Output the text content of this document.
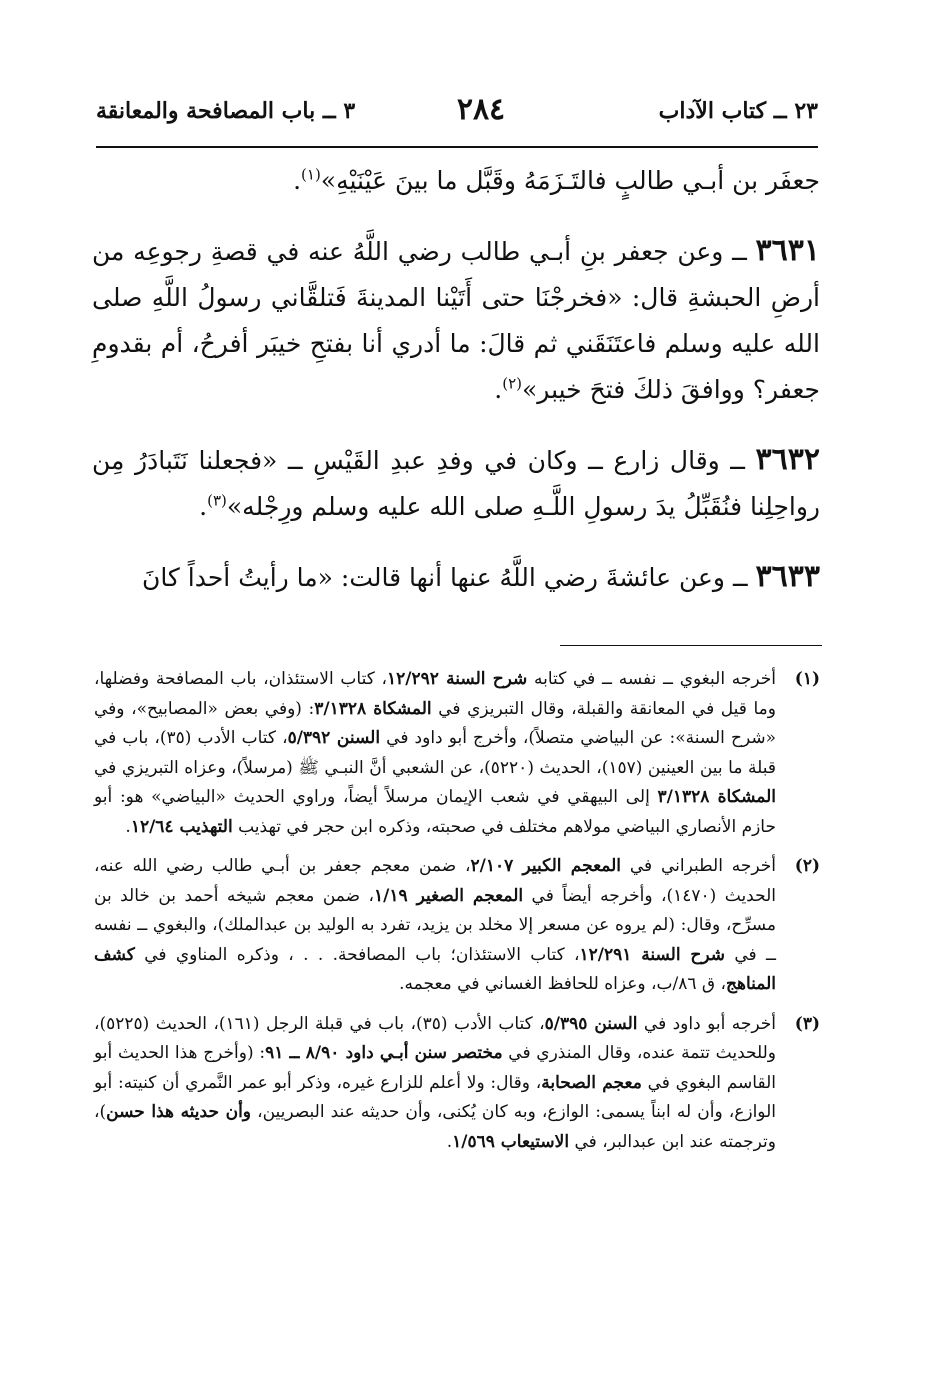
٢٣ ــ كتاب الآداب
٢٨٤
٣ ــ باب المصافحة والمعانقة

جعفَر بن أبـي طالبٍ فالتَـزَمَهُ وقَبَّل ما بينَ عَيْنَيْهِ»$^{(١)}$.

٣٦٣١ ــ وعن جعفر بنِ أبـي طالب رضي اللَّهُ عنه في قصةِ رجوعِه من أرضِ الحبشةِ قال: «فخرجْنَا حتى أَتَيْنا المدينةَ فَتلقَّاني رسولُ اللَّهِ صلى الله عليه وسلم فاعتَنَقَني ثم قالَ: ما أدري أنا بفتحِ خيبَر أفرحُ، أم بقدومِ جعفر؟ ووافقَ ذلكَ فتحَ خيبر»$^{(٢)}$.

٣٦٣٢ ــ وقال زارع ــ وكان في وفدِ عبدِ القَيْسِ ــ «فجعلنا نَتَبادَرُ مِن رواحِلِنا فنُقَبِّلُ يدَ رسولِ اللَّـهِ صلى الله عليه وسلم ورِجْله»$^{(٣)}$.

٣٦٣٣ ــ وعن عائشةَ رضي اللَّهُ عنها أنها قالت: «ما رأيتُ أحداً كانَ

(١)
أخرجه البغوي ــ نفسه ــ في كتابه شرح السنة ١٢/٢٩٢، كتاب الاستئذان، باب المصافحة وفضلها، وما قيل في المعانقة والقبلة، وقال التبريزي في المشكاة ٣/١٣٢٨: (وفي بعض «المصابيح»، وفي «شرح السنة»: عن البياضي متصلاً)، وأخرج أبو داود في السنن ٥/٣٩٢، كتاب الأدب (٣٥)، باب في قبلة ما بين العينين (١٥٧)، الحديث (٥٢٢٠)، عن الشعبي أنَّ النبـي ﷺ (مرسلاً)، وعزاه التبريزي في المشكاة ٣/١٣٢٨ إلى البيهقي في شعب الإيمان مرسلاً أيضاً، وراوي الحديث «البياضي» هو: أبو حازم الأنصاري البياضي مولاهم مختلف في صحبته، وذكره ابن حجر في تهذيب التهذيب ١٢/٦٤.
(٢)
أخرجه الطبراني في المعجم الكبير ٢/١٠٧، ضمن معجم جعفر بن أبـي طالب رضي الله عنه، الحديث (١٤٧٠)، وأخرجه أيضاً في المعجم الصغير ١/١٩، ضمن معجم شيخه أحمد بن خالد بن مسرِّح، وقال: (لم يروه عن مسعر إلا مخلد بن يزيد، تفرد به الوليد بن عبدالملك)، والبغوي ــ نفسه ــ في شرح السنة ١٢/٢٩١، كتاب الاستئذان؛ باب المصافحة. . . ، وذكره المناوي في كشف المناهج، ق ٨٦/ب، وعزاه للحافظ الغساني في معجمه.
(٣)
أخرجه أبو داود في السنن ٥/٣٩٥، كتاب الأدب (٣٥)، باب في قبلة الرجل (١٦١)، الحديث (٥٢٢٥)، وللحديث تتمة عنده، وقال المنذري في مختصر سنن أبـي داود ٨/٩٠ ــ ٩١: (وأخرج هذا الحديث أبو القاسم البغوي في معجم الصحابة، وقال: ولا أعلم للزارع غيره، وذكر أبو عمر النَّمري أن كنيته: أبو الوازع، وأن له ابناً يسمى: الوازع، وبه كان يُكنى، وأن حديثه عند البصريين، وأن حديثه هذا حسن)، وترجمته عند ابن عبدالبر، في الاستيعاب ١/٥٦٩.
